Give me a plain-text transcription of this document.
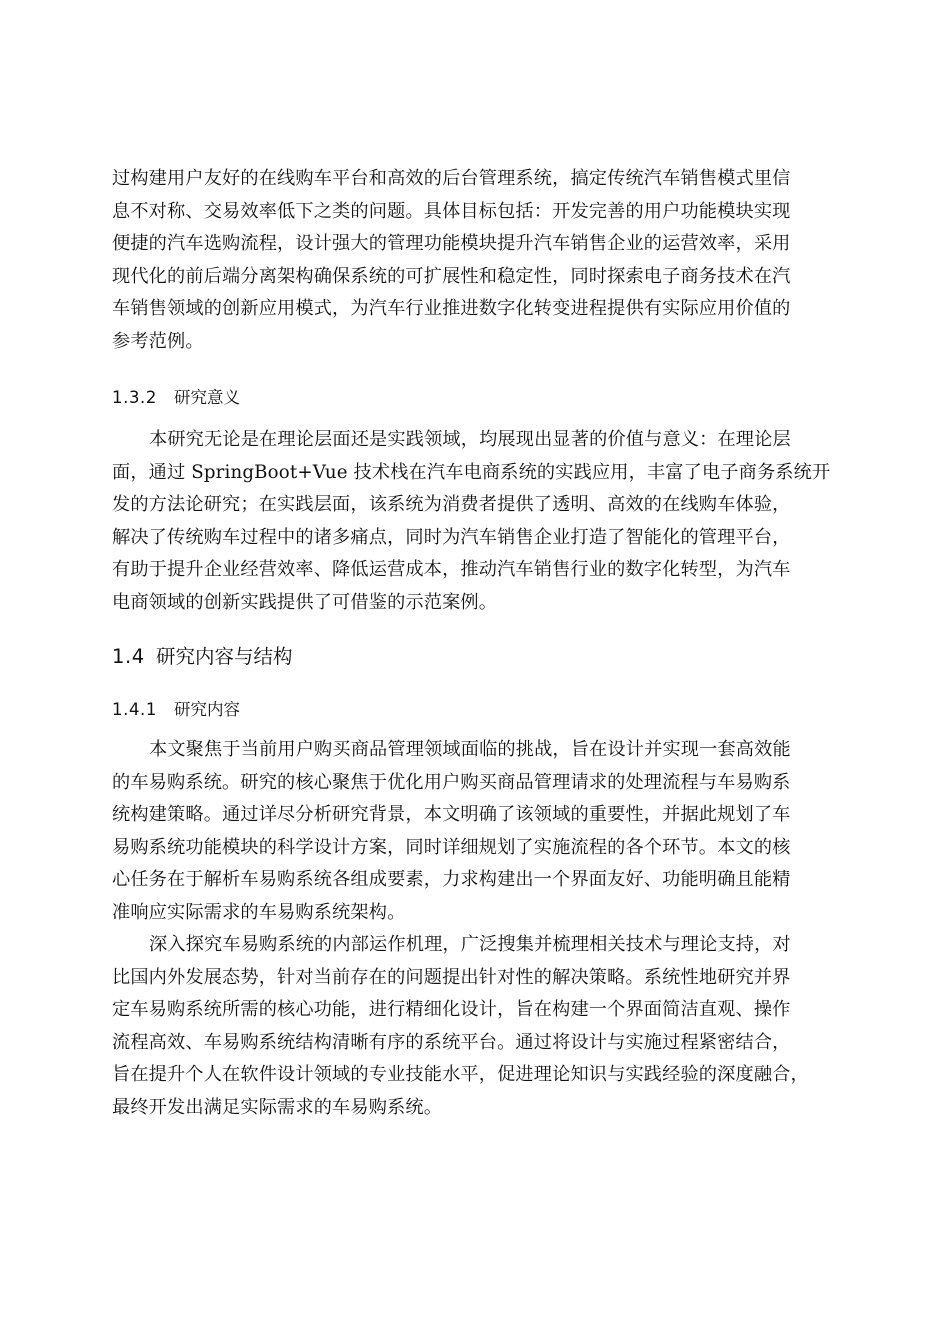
过构建用户友好的在线购车平台和高效的后台管理系统，搞定传统汽车销售模式里信
息不对称、交易效率低下之类的问题。具体目标包括：开发完善的用户功能模块实现
便捷的汽车选购流程，设计强大的管理功能模块提升汽车销售企业的运营效率，采用
现代化的前后端分离架构确保系统的可扩展性和稳定性，同时探索电子商务技术在汽
车销售领域的创新应用模式，为汽车行业推进数字化转变进程提供有实际应用价值的
参考范例。
1.3.2 研究意义
本研究无论是在理论层面还是实践领域，均展现出显著的价值与意义：在理论层
面，通过 SpringBoot+Vue 技术栈在汽车电商系统的实践应用，丰富了电子商务系统开
发的方法论研究；在实践层面，该系统为消费者提供了透明、高效的在线购车体验，
解决了传统购车过程中的诸多痛点，同时为汽车销售企业打造了智能化的管理平台，
有助于提升企业经营效率、降低运营成本，推动汽车销售行业的数字化转型，为汽车
电商领域的创新实践提供了可借鉴的示范案例。
1.4 研究内容与结构
1.4.1 研究内容
本文聚焦于当前用户购买商品管理领域面临的挑战，旨在设计并实现一套高效能
的车易购系统。研究的核心聚焦于优化用户购买商品管理请求的处理流程与车易购系
统构建策略。通过详尽分析研究背景，本文明确了该领域的重要性，并据此规划了车
易购系统功能模块的科学设计方案，同时详细规划了实施流程的各个环节。本文的核
心任务在于解析车易购系统各组成要素，力求构建出一个界面友好、功能明确且能精
准响应实际需求的车易购系统架构。
深入探究车易购系统的内部运作机理，广泛搜集并梳理相关技术与理论支持，对
比国内外发展态势，针对当前存在的问题提出针对性的解决策略。系统性地研究并界
定车易购系统所需的核心功能，进行精细化设计，旨在构建一个界面简洁直观、操作
流程高效、车易购系统结构清晰有序的系统平台。通过将设计与实施过程紧密结合，
旨在提升个人在软件设计领域的专业技能水平，促进理论知识与实践经验的深度融合，
最终开发出满足实际需求的车易购系统。
